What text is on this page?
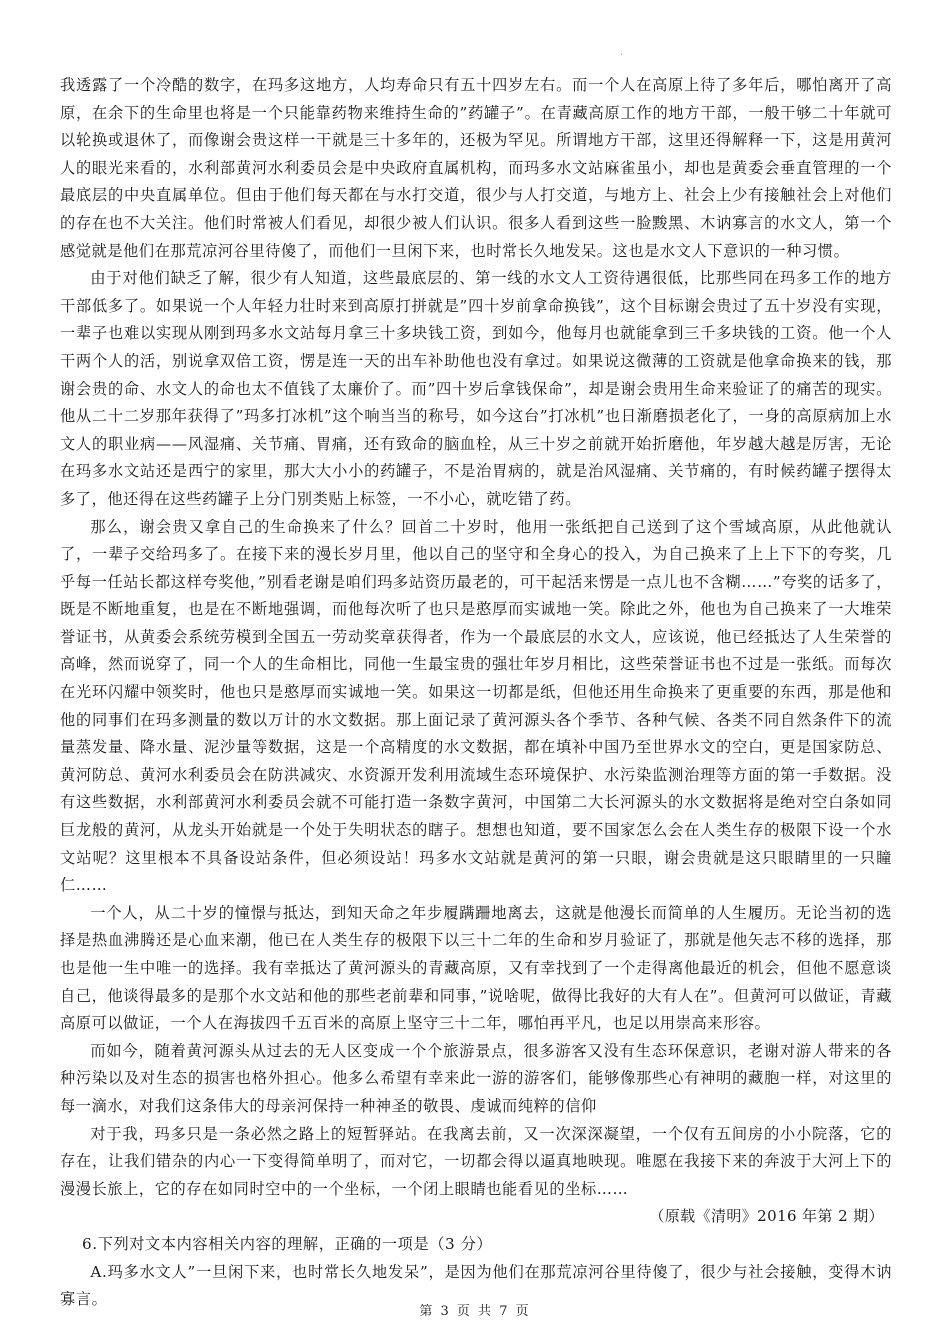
.

我透露了一个冷酷的数字，在玛多这地方，人均寿命只有五十四岁左右。而一个人在高原上待了多年后，哪怕离开了高原，在余下的生命里也将是一个只能靠药物来维持生命的”药罐子”。在青藏高原工作的地方干部，一般干够二十年就可以轮换或退休了，而像谢会贵这样一干就是三十多年的，还极为罕见。所谓地方干部，这里还得解释一下，这是用黄河人的眼光来看的，水利部黄河水利委员会是中央政府直属机构，而玛多水文站麻雀虽小，却也是黄委会垂直管理的一个最底层的中央直属单位。但由于他们每天都在与水打交道，很少与人打交道，与地方上、社会上少有接触社会上对他们的存在也不大关注。他们时常被人们看见，却很少被人们认识。很多人看到这些一脸黢黑、木讷寡言的水文人，第一个感觉就是他们在那荒凉河谷里待傻了，而他们一旦闲下来，也时常长久地发呆。这也是水文人下意识的一种习惯。

由于对他们缺乏了解，很少有人知道，这些最底层的、第一线的水文人工资待遇很低，比那些同在玛多工作的地方干部低多了。如果说一个人年轻力壮时来到高原打拼就是”四十岁前拿命换钱”，这个目标谢会贵过了五十岁没有实现，一辈子也难以实现从刚到玛多水文站每月拿三十多块钱工资，到如今，他每月也就能拿到三千多块钱的工资。他一个人干两个人的活，别说拿双倍工资，愣是连一天的出车补助他也没有拿过。如果说这微薄的工资就是他拿命换来的钱，那谢会贵的命、水文人的命也太不值钱了太廉价了。而”四十岁后拿钱保命”，却是谢会贵用生命来验证了的痛苦的现实。他从二十二岁那年获得了”玛多打冰机”这个响当当的称号，如今这台”打冰机”也日渐磨损老化了，一身的高原病加上水文人的职业病——风湿痛、关节痛、胃痛，还有致命的脑血栓，从三十岁之前就开始折磨他，年岁越大越是厉害，无论在玛多水文站还是西宁的家里，那大大小小的药罐子，不是治胃病的，就是治风湿痛、关节痛的，有时候药罐子摆得太多了，他还得在这些药罐子上分门别类贴上标签，一不小心，就吃错了药。

那么，谢会贵又拿自己的生命换来了什么？回首二十岁时，他用一张纸把自己送到了这个雪域高原，从此他就认了，一辈子交给玛多了。在接下来的漫长岁月里，他以自己的坚守和全身心的投入，为自己换来了上上下下的夸奖，几乎每一任站长都这样夸奖他，”别看老谢是咱们玛多站资历最老的，可干起活来愣是一点儿也不含糊……”夸奖的话多了，既是不断地重复，也是在不断地强调，而他每次听了也只是憨厚而实诚地一笑。除此之外，他也为自己换来了一大堆荣誉证书，从黄委会系统劳模到全国五一劳动奖章获得者，作为一个最底层的水文人，应该说，他已经抵达了人生荣誉的高峰，然而说穿了，同一个人的生命相比，同他一生最宝贵的强壮年岁月相比，这些荣誉证书也不过是一张纸。而每次在光环闪耀中领奖时，他也只是憨厚而实诚地一笑。如果这一切都是纸，但他还用生命换来了更重要的东西，那是他和他的同事们在玛多测量的数以万计的水文数据。那上面记录了黄河源头各个季节、各种气候、各类不同自然条件下的流量蒸发量、降水量、泥沙量等数据，这是一个高精度的水文数据，都在填补中国乃至世界水文的空白，更是国家防总、黄河防总、黄河水利委员会在防洪减灾、水资源开发利用流域生态环境保护、水污染监测治理等方面的第一手数据。没有这些数据，水利部黄河水利委员会就不可能打造一条数字黄河，中国第二大长河源头的水文数据将是绝对空白条如同巨龙般的黄河，从龙头开始就是一个处于失明状态的瞎子。想想也知道，要不国家怎么会在人类生存的极限下设一个水文站呢？这里根本不具备设站条件，但必须设站！玛多水文站就是黄河的第一只眼，谢会贵就是这只眼睛里的一只瞳仁……

一个人，从二十岁的憧憬与抵达，到知天命之年步履蹒跚地离去，这就是他漫长而简单的人生履历。无论当初的选择是热血沸腾还是心血来潮，他已在人类生存的极限下以三十二年的生命和岁月验证了，那就是他矢志不移的选择，那也是他一生中唯一的选择。我有幸抵达了黄河源头的青藏高原，又有幸找到了一个走得离他最近的机会，但他不愿意谈自己，他谈得最多的是那个水文站和他的那些老前辈和同事，”说啥呢，做得比我好的大有人在”。但黄河可以做证，青藏高原可以做证，一个人在海拔四千五百米的高原上坚守三十二年，哪怕再平凡，也足以用崇高来形容。

而如今，随着黄河源头从过去的无人区变成一个个旅游景点，很多游客又没有生态环保意识，老谢对游人带来的各种污染以及对生态的损害也格外担心。他多么希望有幸来此一游的游客们，能够像那些心有神明的藏胞一样，对这里的每一滴水，对我们这条伟大的母亲河保持一种神圣的敬畏、虔诚而纯粹的信仰

对于我，玛多只是一条必然之路上的短暂驿站。在我离去前，又一次深深凝望，一个仅有五间房的小小院落，它的存在，让我们错杂的内心一下变得简单明了，而对它，一切都会得以逼真地映现。唯愿在我接下来的奔波于大河上下的漫漫长旅上，它的存在如同时空中的一个坐标，一个闭上眼睛也能看见的坐标……

（原载《清明》2016 年第 2 期）

6.下列对文本内容相关内容的理解，正确的一项是（3 分）

A.玛多水文人”一旦闲下来，也时常长久地发呆”，是因为他们在那荒凉河谷里待傻了，很少与社会接触，变得木讷寡言。

第 3 页 共 7 页
